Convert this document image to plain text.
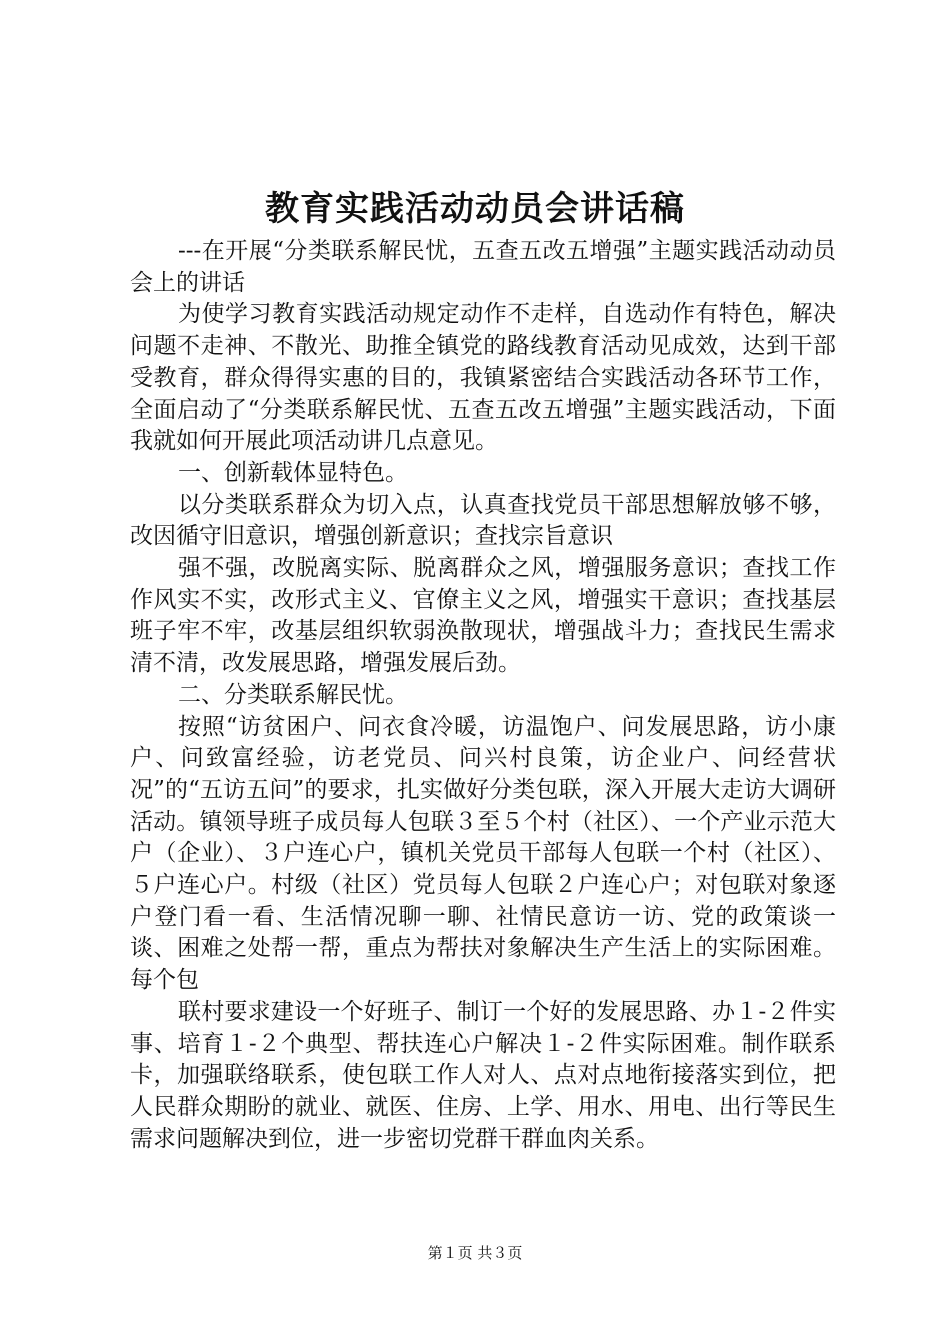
教育实践活动动员会讲话稿

---在开展“分类联系解民忧，五查五改五增强”主题实践活动动员会上的讲话

为使学习教育实践活动规定动作不走样，自选动作有特色，解决问题不走神、不散光、助推全镇党的路线教育活动见成效，达到干部受教育，群众得得实惠的目的，我镇紧密结合实践活动各环节工作，全面启动了“分类联系解民忧、五查五改五增强”主题实践活动，下面我就如何开展此项活动讲几点意见。

一、创新载体显特色。

以分类联系群众为切入点，认真查找党员干部思想解放够不够，改因循守旧意识，增强创新意识；查找宗旨意识

强不强，改脱离实际、脱离群众之风，增强服务意识；查找工作作风实不实，改形式主义、官僚主义之风，增强实干意识；查找基层班子牢不牢，改基层组织软弱涣散现状，增强战斗力；查找民生需求清不清，改发展思路，增强发展后劲。

二、分类联系解民忧。

按照“访贫困户、问衣食冷暖，访温饱户、问发展思路，访小康户、问致富经验，访老党员、问兴村良策，访企业户、问经营状况”的“五访五问”的要求，扎实做好分类包联，深入开展大走访大调研活动。镇领导班子成员每人包联３至５个村（社区）、一个产业示范大户（企业）、３户连心户，镇机关党员干部每人包联一个村（社区）、５户连心户。村级（社区）党员每人包联２户连心户；对包联对象逐户登门看一看、生活情况聊一聊、社情民意访一访、党的政策谈一谈、困难之处帮一帮，重点为帮扶对象解决生产生活上的实际困难。每个包

联村要求建设一个好班子、制订一个好的发展思路、办１-２件实事、培育１-２个典型、帮扶连心户解决１-２件实际困难。制作联系卡，加强联络联系，使包联工作人对人、点对点地衔接落实到位，把人民群众期盼的就业、就医、住房、上学、用水、用电、出行等民生需求问题解决到位，进一步密切党群干群血肉关系。

第１页 共３页
